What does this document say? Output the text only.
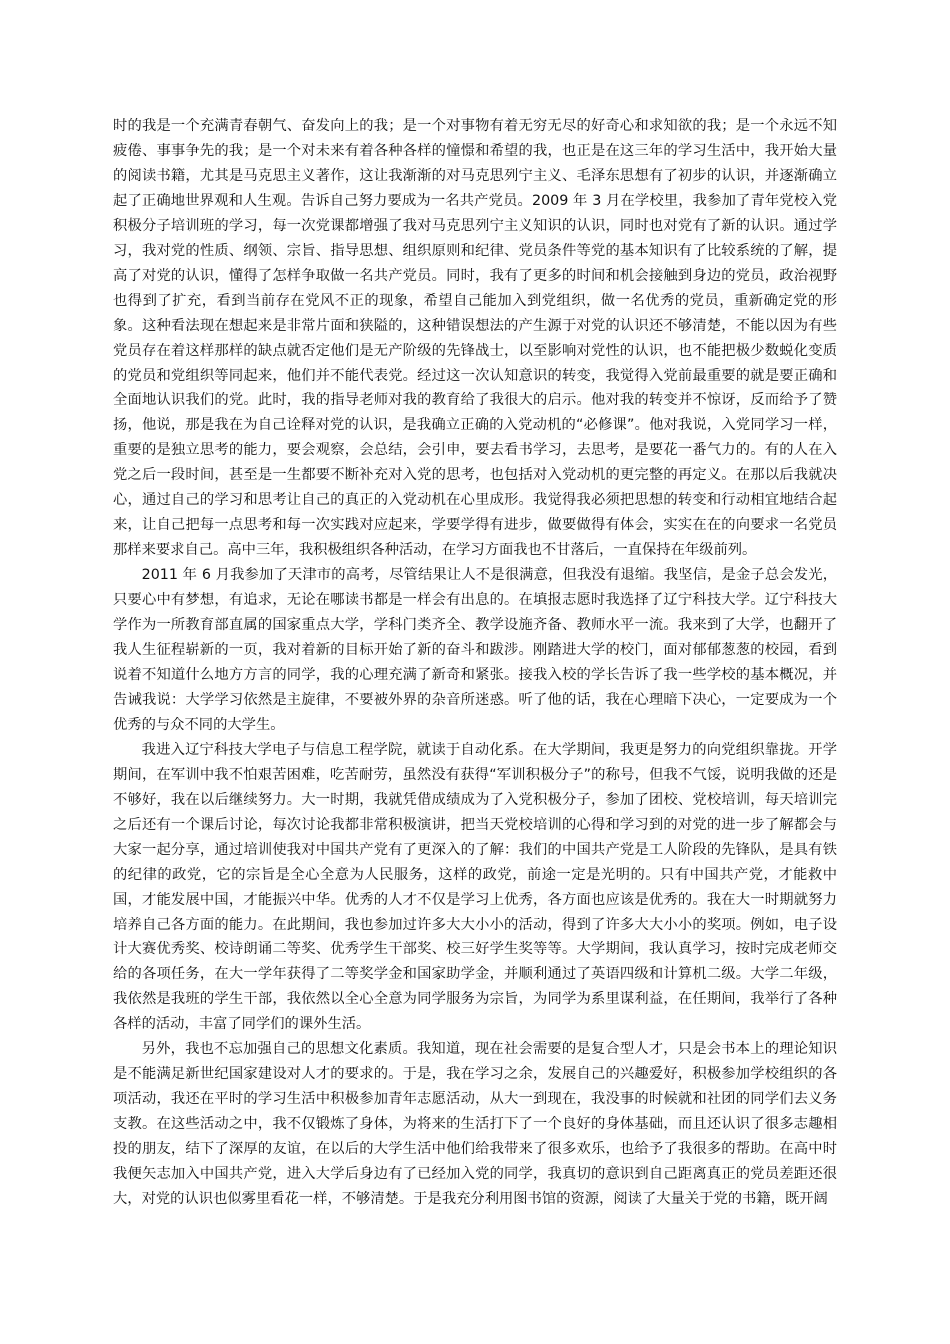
时的我是一个充满青春朝气、奋发向上的我；是一个对事物有着无穷无尽的好奇心和求知欲的我；是一个永远不知疲倦、事事争先的我；是一个对未来有着各种各样的憧憬和希望的我，也正是在这三年的学习生活中，我开始大量的阅读书籍，尤其是马克思主义著作，这让我渐渐的对马克思列宁主义、毛泽东思想有了初步的认识，并逐渐确立起了正确地世界观和人生观。告诉自己努力要成为一名共产党员。2009 年 3 月在学校里，我参加了青年党校入党积极分子培训班的学习，每一次党课都增强了我对马克思列宁主义知识的认识，同时也对党有了新的认识。通过学习，我对党的性质、纲领、宗旨、指导思想、组织原则和纪律、党员条件等党的基本知识有了比较系统的了解，提高了对党的认识，懂得了怎样争取做一名共产党员。同时，我有了更多的时间和机会接触到身边的党员，政治视野也得到了扩充，看到当前存在党风不正的现象，希望自己能加入到党组织，做一名优秀的党员，重新确定党的形象。这种看法现在想起来是非常片面和狭隘的，这种错误想法的产生源于对党的认识还不够清楚，不能以因为有些党员存在着这样那样的缺点就否定他们是无产阶级的先锋战士，以至影响对党性的认识，也不能把极少数蜕化变质的党员和党组织等同起来，他们并不能代表党。经过这一次认知意识的转变，我觉得入党前最重要的就是要正确和全面地认识我们的党。此时，我的指导老师对我的教育给了我很大的启示。他对我的转变并不惊讶，反而给予了赞扬，他说，那是我在为自己诠释对党的认识，是我确立正确的入党动机的“必修课”。他对我说，入党同学习一样，重要的是独立思考的能力，要会观察，会总结，会引申，要去看书学习，去思考，是要花一番气力的。有的人在入党之后一段时间，甚至是一生都要不断补充对入党的思考，也包括对入党动机的更完整的再定义。在那以后我就决心，通过自己的学习和思考让自己的真正的入党动机在心里成形。我觉得我必须把思想的转变和行动相宜地结合起来，让自己把每一点思考和每一次实践对应起来，学要学得有进步，做要做得有体会，实实在在的向要求一名党员那样来要求自己。高中三年，我积极组织各种活动，在学习方面我也不甘落后，一直保持在年级前列。

2011 年 6 月我参加了天津市的高考，尽管结果让人不是很满意，但我没有退缩。我坚信，是金子总会发光，只要心中有梦想，有追求，无论在哪读书都是一样会有出息的。在填报志愿时我选择了辽宁科技大学。辽宁科技大学作为一所教育部直属的国家重点大学，学科门类齐全、教学设施齐备、教师水平一流。我来到了大学，也翻开了我人生征程崭新的一页，我对着新的目标开始了新的奋斗和跋涉。刚踏进大学的校门，面对郁郁葱葱的校园，看到说着不知道什么地方方言的同学，我的心理充满了新奇和紧张。接我入校的学长告诉了我一些学校的基本概况，并告诫我说：大学学习依然是主旋律，不要被外界的杂音所迷惑。听了他的话，我在心理暗下决心，一定要成为一个优秀的与众不同的大学生。

我进入辽宁科技大学电子与信息工程学院，就读于自动化系。在大学期间，我更是努力的向党组织靠拢。开学期间，在军训中我不怕艰苦困难，吃苦耐劳，虽然没有获得“军训积极分子”的称号，但我不气馁，说明我做的还是不够好，我在以后继续努力。大一时期，我就凭借成绩成为了入党积极分子，参加了团校、党校培训，每天培训完之后还有一个课后讨论，每次讨论我都非常积极演讲，把当天党校培训的心得和学习到的对党的进一步了解都会与大家一起分享，通过培训使我对中国共产党有了更深入的了解：我们的中国共产党是工人阶段的先锋队，是具有铁的纪律的政党，它的宗旨是全心全意为人民服务，这样的政党，前途一定是光明的。只有中国共产党，才能救中国，才能发展中国，才能振兴中华。优秀的人才不仅是学习上优秀，各方面也应该是优秀的。我在大一时期就努力培养自己各方面的能力。在此期间，我也参加过许多大大小小的活动，得到了许多大大小小的奖项。例如，电子设计大赛优秀奖、校诗朗诵二等奖、优秀学生干部奖、校三好学生奖等等。大学期间，我认真学习，按时完成老师交给的各项任务，在大一学年获得了二等奖学金和国家助学金，并顺利通过了英语四级和计算机二级。大学二年级，我依然是我班的学生干部，我依然以全心全意为同学服务为宗旨，为同学为系里谋利益，在任期间，我举行了各种各样的活动，丰富了同学们的课外生活。

另外，我也不忘加强自己的思想文化素质。我知道，现在社会需要的是复合型人才，只是会书本上的理论知识是不能满足新世纪国家建设对人才的要求的。于是，我在学习之余，发展自己的兴趣爱好，积极参加学校组织的各项活动，我还在平时的学习生活中积极参加青年志愿活动，从大一到现在，我没事的时候就和社团的同学们去义务支教。在这些活动之中，我不仅锻炼了身体，为将来的生活打下了一个良好的身体基础，而且还认识了很多志趣相投的朋友，结下了深厚的友谊，在以后的大学生活中他们给我带来了很多欢乐，也给予了我很多的帮助。在高中时我便矢志加入中国共产党，进入大学后身边有了已经加入党的同学，我真切的意识到自己距离真正的党员差距还很大，对党的认识也似雾里看花一样，不够清楚。于是我充分利用图书馆的资源，阅读了大量关于党的书籍，既开阔
